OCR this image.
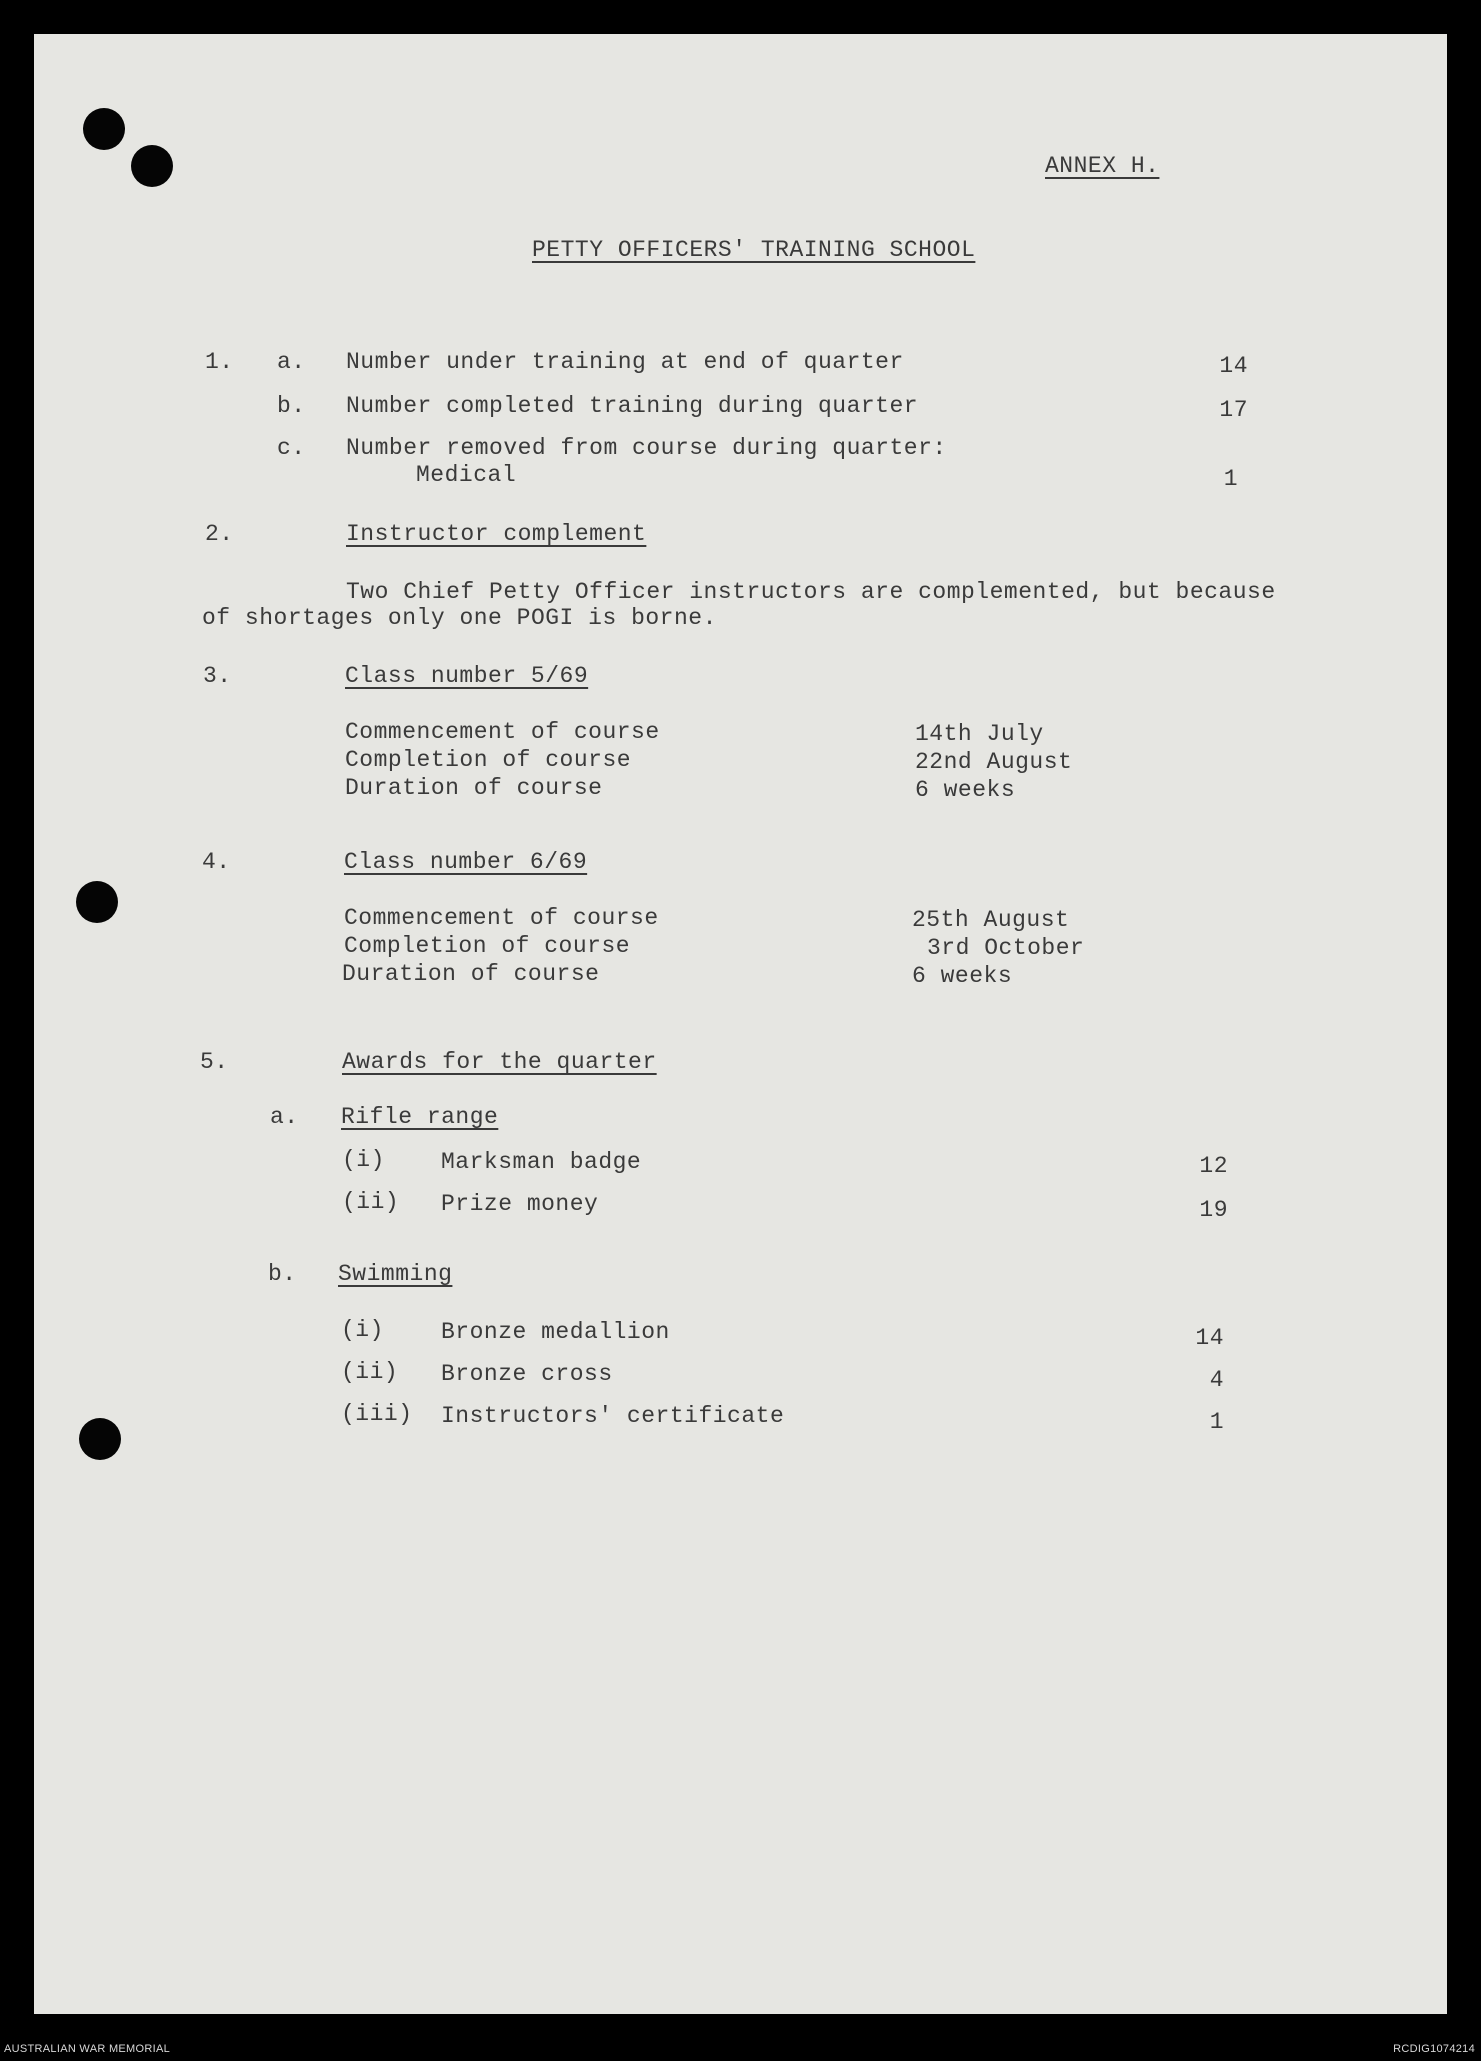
ANNEX H.
PETTY OFFICERS' TRAINING SCHOOL
1. a. Number under training at end of quarter	14
b. Number completed training during quarter	17
c. Number removed from course during quarter:
Medical	1
2.	Instructor complement
Two Chief Petty Officer instructors are complemented, but because
of shortages only one POGI is borne.
3.	Class number 5/69
Commencement of course	14th July
Completion of course	22nd August
Duration of course	6 weeks
4.	Class number 6/69
Commencement of course	25th August
Completion of course	3rd October
Duration of course	6 weeks
5.	Awards for the quarter
a. Rifle range
(i) Marksman badge	12
(ii) Prize money	19
b. Swimming
(i) Bronze medallion	14
(ii) Bronze cross	4
(iii) Instructors' certificate	1
AUSTRALIAN WAR MEMORIAL	RCDIG1074214
